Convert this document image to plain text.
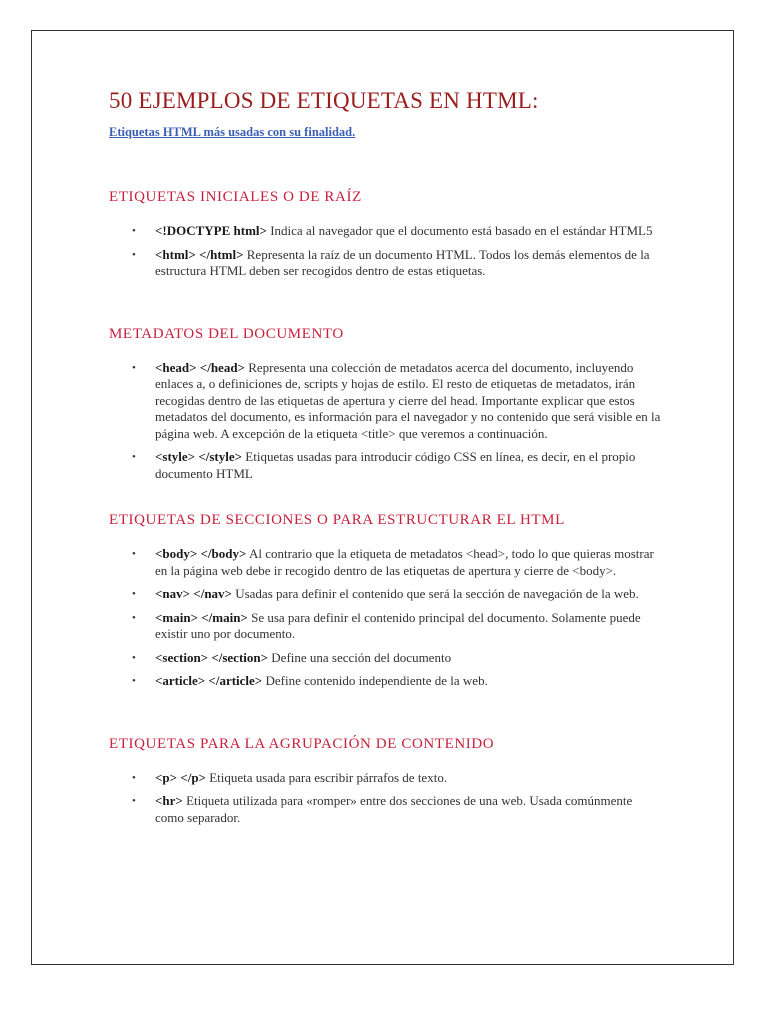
50 EJEMPLOS DE ETIQUETAS EN HTML:
Etiquetas HTML más usadas con su finalidad.
ETIQUETAS INICIALES O DE RAÍZ
• <!DOCTYPE html> Indica al navegador que el documento está basado en el estándar HTML5
• <html> </html> Representa la raíz de un documento HTML. Todos los demás elementos de la estructura HTML deben ser recogidos dentro de estas etiquetas.
METADATOS DEL DOCUMENTO
• <head> </head> Representa una colección de metadatos acerca del documento, incluyendo enlaces a, o definiciones de, scripts y hojas de estilo. El resto de etiquetas de metadatos, irán recogidas dentro de las etiquetas de apertura y cierre del head. Importante explicar que estos metadatos del documento, es información para el navegador y no contenido que será visible en la página web. A excepción de la etiqueta <title> que veremos a continuación.
• <style> </style> Etiquetas usadas para introducir código CSS en línea, es decir, en el propio documento HTML
ETIQUETAS DE SECCIONES O PARA ESTRUCTURAR EL HTML
• <body> </body> Al contrario que la etiqueta de metadatos <head>, todo lo que quieras mostrar en la página web debe ir recogido dentro de las etiquetas de apertura y cierre de <body>.
• <nav> </nav> Usadas para definir el contenido que será la sección de navegación de la web.
• <main> </main> Se usa para definir el contenido principal del documento. Solamente puede existir uno por documento.
• <section> </section> Define una sección del documento
• <article> </article> Define contenido independiente de la web.
ETIQUETAS PARA LA AGRUPACIÓN DE CONTENIDO
• <p> </p> Etiqueta usada para escribir párrafos de texto.
• <hr> Etiqueta utilizada para «romper» entre dos secciones de una web. Usada comúnmente como separador.
